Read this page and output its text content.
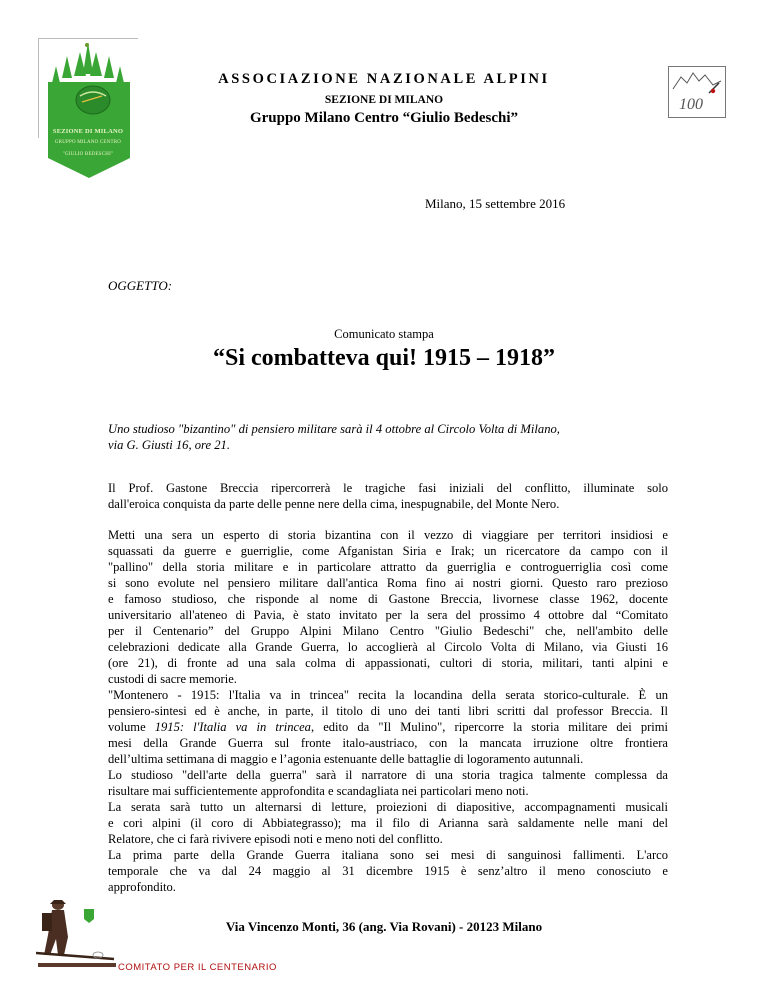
SEZIONE DI MILANO
GRUPPO MILANO CENTRO
"GIULIO BEDESCHI"
ASSOCIAZIONE NAZIONALE ALPINI
SEZIONE DI MILANO
Gruppo Milano Centro “Giulio Bedeschi”
100
Milano, 15 settembre 2016
OGGETTO:
Comunicato stampa
“Si combatteva qui! 1915 – 1918”

Uno studioso "bizantino" di pensiero militare sarà il 4 ottobre al Circolo Volta di Milano,

via G. Giusti 16, ore 21.

Il Prof. Gastone Breccia ripercorrerà le tragiche fasi iniziali del conflitto, illuminate solo

dall'eroica conquista da parte delle penne nere della cima, inespugnabile, del Monte Nero.

Metti una sera un esperto di storia bizantina con il vezzo di viaggiare per territori insidiosi e

squassati da guerre e guerriglie, come Afganistan Siria e Irak; un ricercatore da campo con il

"pallino" della storia militare e in particolare attratto da guerriglia e controguerriglia così come

si sono evolute nel pensiero militare dall'antica Roma fino ai nostri giorni. Questo raro prezioso

e famoso studioso, che risponde al nome di Gastone Breccia, livornese classe 1962, docente

universitario all'ateneo di Pavia, è stato invitato per la sera del prossimo 4 ottobre dal “Comitato

per il Centenario” del Gruppo Alpini Milano Centro "Giulio Bedeschi" che, nell'ambito delle

celebrazioni dedicate alla Grande Guerra, lo accoglierà al Circolo Volta di Milano, via Giusti 16

(ore 21), di fronte ad una sala colma di appassionati, cultori di storia, militari, tanti alpini e

custodi di sacre memorie.

"Montenero - 1915: l'Italia va in trincea" recita la locandina della serata storico-culturale. È un

pensiero-sintesi ed è anche, in parte, il titolo di uno dei tanti libri scritti dal professor Breccia. Il

volume 1915: l'Italia va in trincea, edito da "Il Mulino", ripercorre la storia militare dei primi

mesi della Grande Guerra sul fronte italo-austriaco, con la mancata irruzione oltre frontiera

dell’ultima settimana di maggio e l’agonia estenuante delle battaglie di logoramento autunnali.

Lo studioso "dell'arte della guerra" sarà il narratore di una storia tragica talmente complessa da

risultare mai sufficientemente approfondita e scandagliata nei particolari meno noti.

La serata sarà tutto un alternarsi di letture, proiezioni di diapositive, accompagnamenti musicali

e cori alpini (il coro di Abbiategrasso); ma il filo di Arianna sarà saldamente nelle mani del

Relatore, che ci farà rivivere episodi noti e meno noti del conflitto.

La prima parte della Grande Guerra italiana sono sei mesi di sanguinosi fallimenti. L'arco

temporale che va dal 24 maggio al 31 dicembre 1915 è senz’altro il meno conosciuto e

approfondito.

Via Vincenzo Monti, 36 (ang. Via Rovani) - 20123 Milano
COMITATO PER IL CENTENARIO
